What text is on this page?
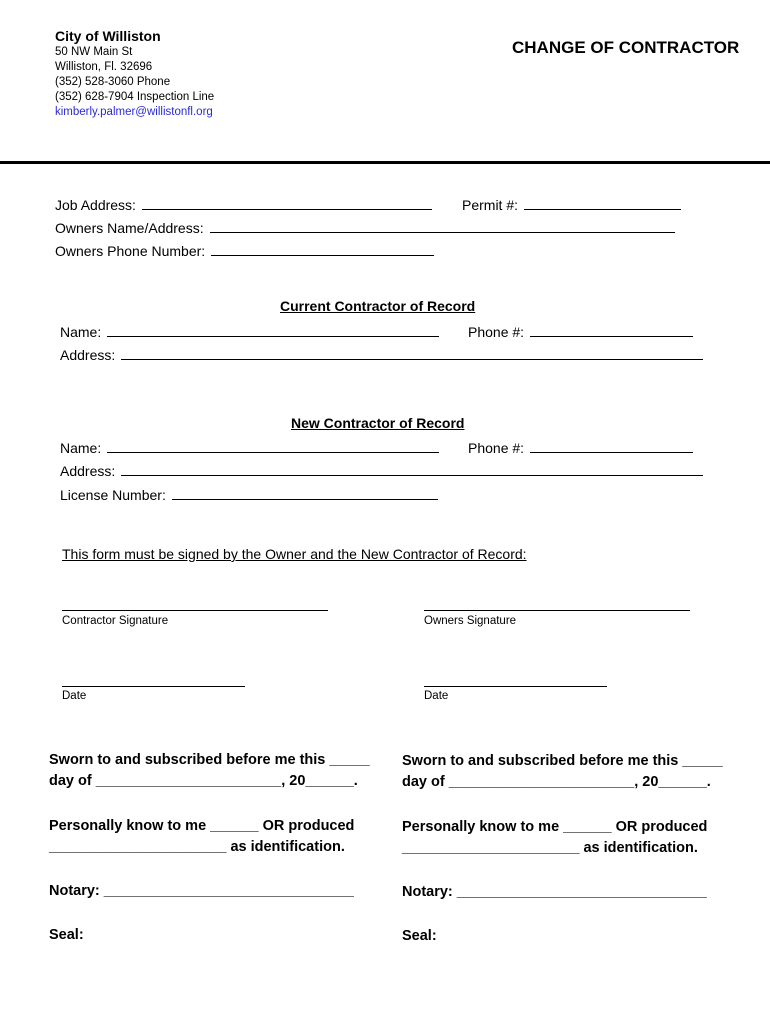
City of Williston
50 NW Main St
Williston, Fl. 32696
(352) 528-3060 Phone
(352) 628-7904 Inspection Line
kimberly.palmer@willistonfl.org
CHANGE OF CONTRACTOR
Job Address:	Permit #:
Owners Name/Address:
Owners Phone Number:
Current Contractor of Record
Name:	Phone #:
Address:
New Contractor of Record
Name:	Phone #:
Address:
License Number:
This form must be signed by the Owner and the New Contractor of Record:
Contractor Signature	Owners Signature
Date	Date
Sworn to and subscribed before me this _____
day of _______________________, 20______.
Personally know to me ______ OR produced
______________________ as identification.
Notary: _______________________________
Seal:
Sworn to and subscribed before me this _____
day of _______________________, 20______.
Personally know to me ______ OR produced
______________________ as identification.
Notary: _______________________________
Seal:
